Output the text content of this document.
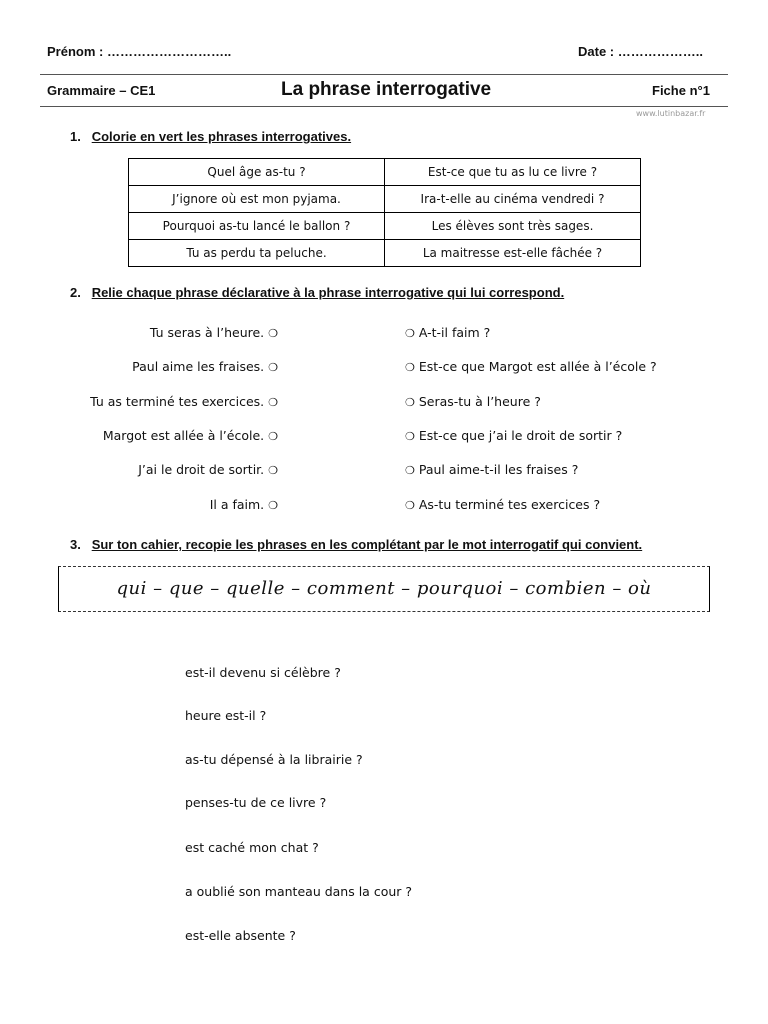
Prénom : ………………………..	Date : ………………..
Grammaire – CE1	La phrase interrogative	Fiche n°1
www.lutinbazar.fr
1. Colorie en vert les phrases interrogatives.
Quel âge as-tu ?	Est-ce que tu as lu ce livre ?
J’ignore où est mon pyjama.	Ira-t-elle au cinéma vendredi ?
Pourquoi as-tu lancé le ballon ?	Les élèves sont très sages.
Tu as perdu ta peluche.	La maitresse est-elle fâchée ?
2. Relie chaque phrase déclarative à la phrase interrogative qui lui correspond.
Tu seras à l’heure. ❍
Paul aime les fraises. ❍
Tu as terminé tes exercices. ❍
Margot est allée à l’école. ❍
J’ai le droit de sortir. ❍
Il a faim. ❍
❍ A-t-il faim ?
❍ Est-ce que Margot est allée à l’école ?
❍ Seras-tu à l’heure ?
❍ Est-ce que j’ai le droit de sortir ?
❍ Paul aime-t-il les fraises ?
❍ As-tu terminé tes exercices ?
3. Sur ton cahier, recopie les phrases en les complétant par le mot interrogatif qui convient.
qui – que – quelle – comment – pourquoi – combien – où
est-il devenu si célèbre ?
heure est-il ?
as-tu dépensé à la librairie ?
penses-tu de ce livre ?
est caché mon chat ?
a oublié son manteau dans la cour ?
est-elle absente ?
